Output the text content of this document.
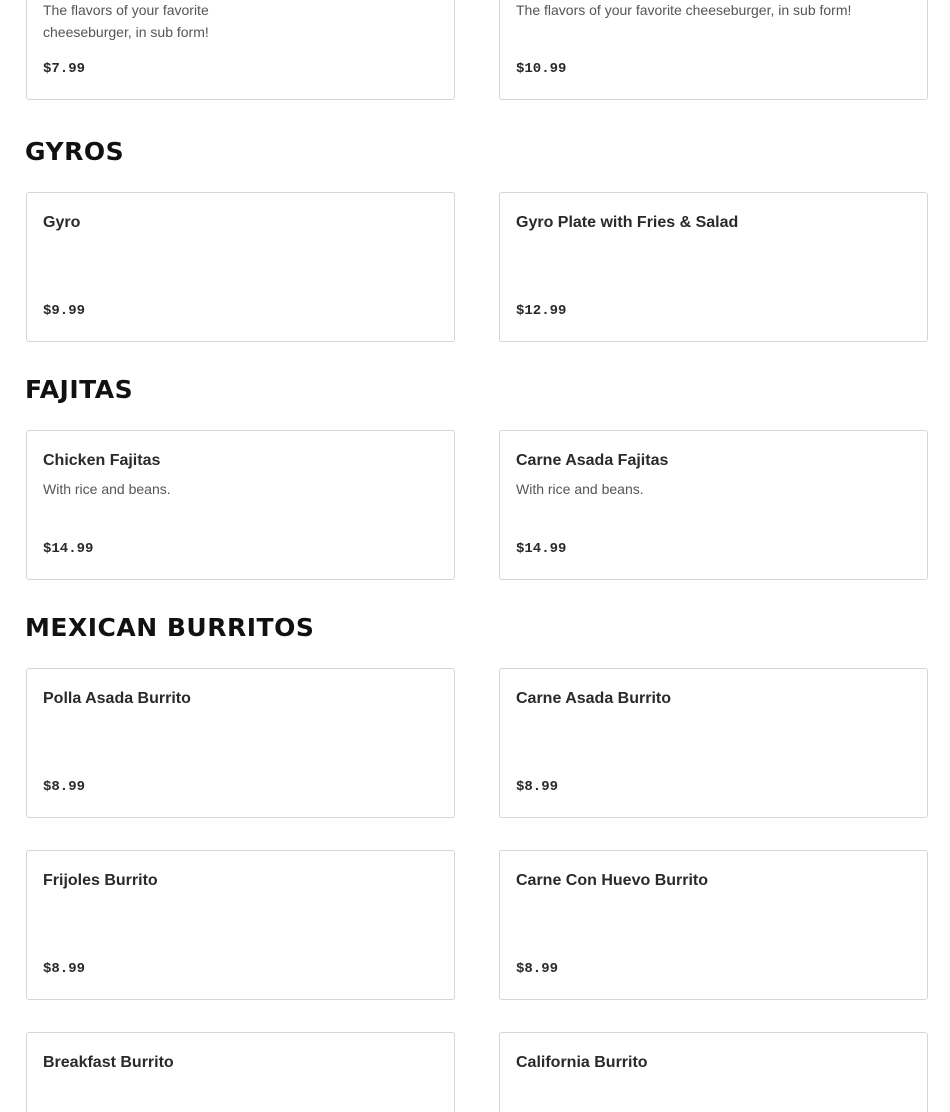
The flavors of your favorite cheeseburger, in sub form!
$7.99
The flavors of your favorite cheeseburger, in sub form!
$10.99
GYROS
Gyro
$9.99
Gyro Plate with Fries & Salad
$12.99
FAJITAS
Chicken Fajitas
With rice and beans.
$14.99
Carne Asada Fajitas
With rice and beans.
$14.99
MEXICAN BURRITOS
Polla Asada Burrito
$8.99
Carne Asada Burrito
$8.99
Frijoles Burrito
$8.99
Carne Con Huevo Burrito
$8.99
Breakfast Burrito	California Burrito
